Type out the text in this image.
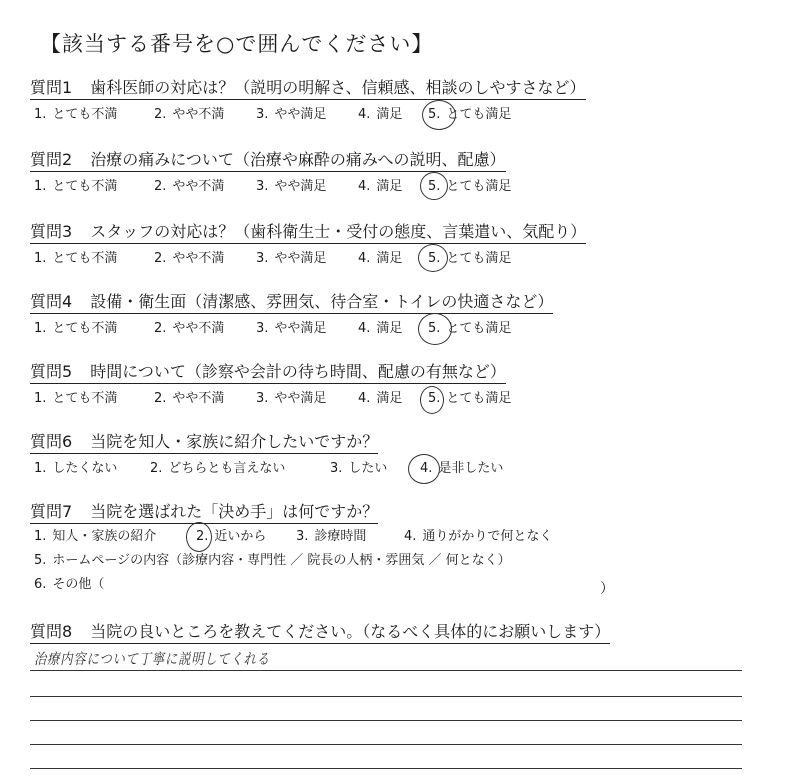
【該当する番号を○で囲んでください】
質問1 歯科医師の対応は？（説明の明解さ、信頼感、相談のしやすさなど）
1. とても不満	2. やや不満 3. やや満足 4. 満足 5. とても満足
質問2 治療の痛みについて（治療や麻酔の痛みへの説明、配慮）
1. とても不満	2. やや不満 3. やや満足 4. 満足 5. とても満足
質問3 スタッフの対応は？（歯科衛生士・受付の態度、言葉遣い、気配り）
1. とても不満	2. やや不満 3. やや満足 4. 満足 5. とても満足
質問4 設備・衛生面（清潔感、雰囲気、待合室・トイレの快適さなど）
1. とても不満	2. やや不満 3. やや満足 4. 満足 5. とても満足
質問5 時間について（診察や会計の待ち時間、配慮の有無など）
1. とても不満	2. やや不満 3. やや満足 4. 満足 5. とても満足
質問6 当院を知人・家族に紹介したいですか？
1. したくない	2. どちらとも言えない	3. したい	4. 是非したい
質問7 当院を選ばれた「決め手」は何ですか？
1. 知人・家族の紹介	2. 近いから 3. 診療時間	4. 通りがかりで何となく
5. ホームページの内容（診療内容・専門性 ／ 院長の人柄・雰囲気 ／ 何となく）
6. その他（	）
質問8 当院の良いところを教えてください。（なるべく具体的にお願いします）
治療内容について丁寧に説明してくれる
